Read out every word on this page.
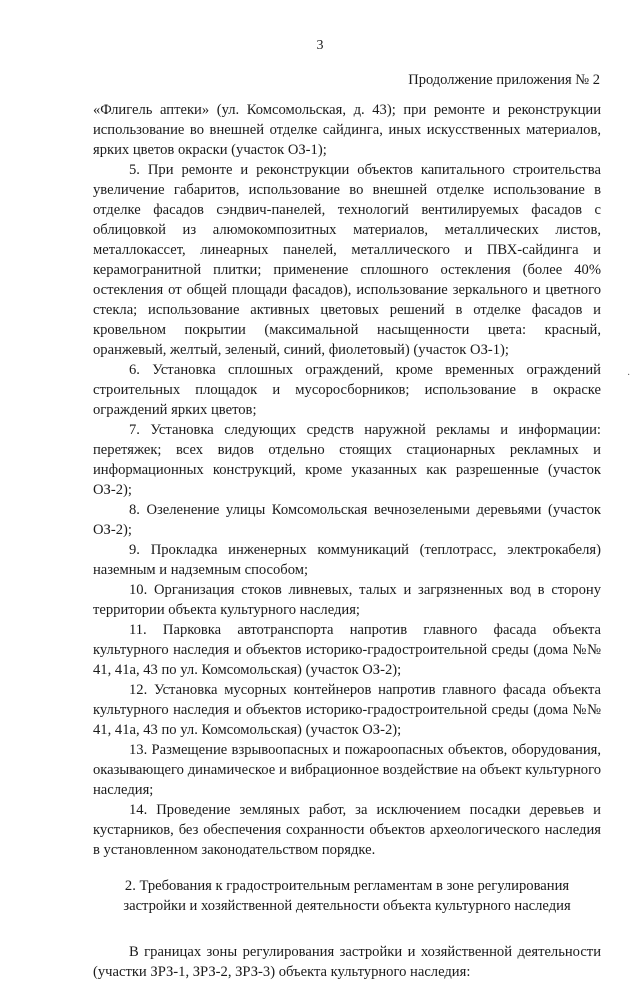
3
Продолжение приложения № 2

«Флигель аптеки» (ул. Комсомольская, д. 43); при ремонте и реконструкции использование во внешней отделке сайдинга, иных искусственных материалов, ярких цветов окраски (участок ОЗ-1);

5. При ремонте и реконструкции объектов капитального строительства увеличение габаритов, использование во внешней отделке использование в отделке фасадов сэндвич-панелей, технологий вентилируемых фасадов с облицовкой из алюмокомпозитных материалов, металлических листов, металлокассет, линеарных панелей, металлического и ПВХ-сайдинга и керамогранитной плитки; применение сплошного остекления (более 40% остекления от общей площади фасадов), использование зеркального и цветного стекла; использование активных цветовых решений в отделке фасадов и кровельном покрытии (максимальной насыщенности цвета: красный, оранжевый, желтый, зеленый, синий, фиолетовый) (участок ОЗ-1);

6. Установка сплошных ограждений, кроме временных ограждений строительных площадок и мусоросборников; использование в окраске ограждений ярких цветов;

7. Установка следующих средств наружной рекламы и информации: перетяжек; всех видов отдельно стоящих стационарных рекламных и информационных конструкций, кроме указанных как разрешенные (участок ОЗ-2);

8. Озеленение улицы Комсомольская вечнозелеными деревьями (участок ОЗ-2);

9. Прокладка инженерных коммуникаций (теплотрасс, электрокабеля) наземным и надземным способом;

10. Организация стоков ливневых, талых и загрязненных вод в сторону территории объекта культурного наследия;

11. Парковка автотранспорта напротив главного фасада объекта культурного наследия и объектов историко-градостроительной среды (дома №№ 41, 41а, 43 по ул. Комсомольская) (участок ОЗ-2);

12. Установка мусорных контейнеров напротив главного фасада объекта культурного наследия и объектов историко-градостроительной среды (дома №№ 41, 41а, 43 по ул. Комсомольская) (участок ОЗ-2);

13. Размещение взрывоопасных и пожароопасных объектов, оборудования, оказывающего динамическое и вибрационное воздействие на объект культурного наследия;

14. Проведение земляных работ, за исключением посадки деревьев и кустарников, без обеспечения сохранности объектов археологического наследия в установленном законодательством порядке.

2. Требования к градостроительным регламентам в зоне регулирования застройки и хозяйственной деятельности объекта культурного наследия

В границах зоны регулирования застройки и хозяйственной деятельности (участки ЗРЗ-1, ЗРЗ-2, ЗРЗ-3) объекта культурного наследия:

·
